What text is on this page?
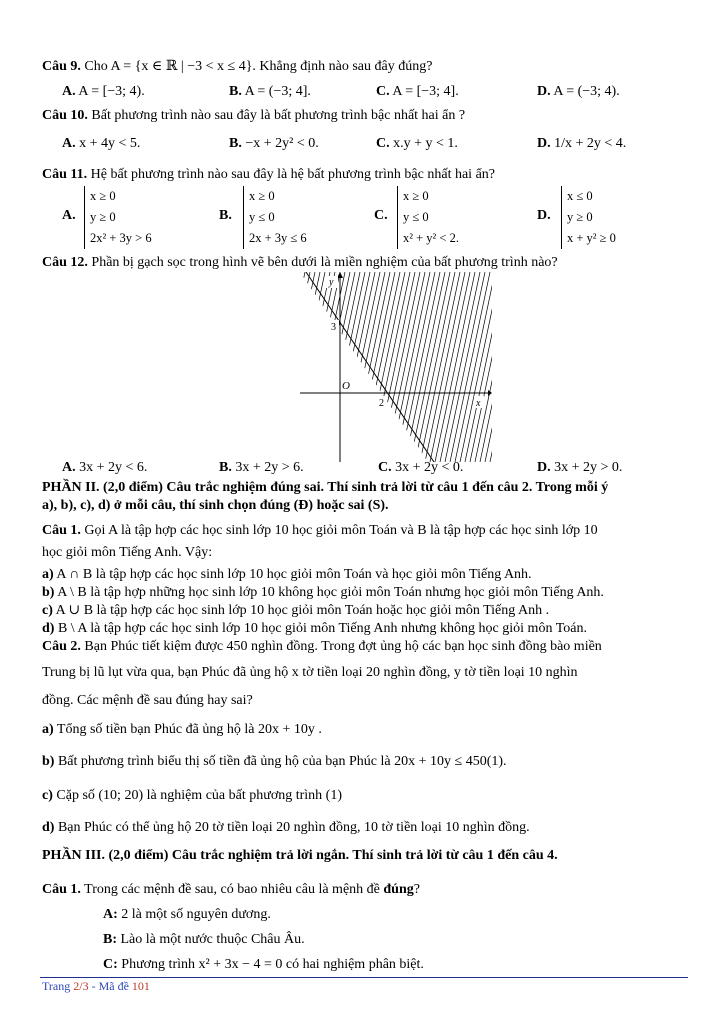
Câu 9. Cho A = {x ∈ ℝ | −3 < x ≤ 4}. Khẳng định nào sau đây đúng?
A. A = [−3; 4).	B. A = (−3; 4].	C. A = [−3; 4].	D. A = (−3; 4).
Câu 10. Bất phương trình nào sau đây là bất phương trình bậc nhất hai ẩn ?
A. x + 4y < 5.	B. −x + 2y² < 0.	C. x.y + y < 1.	D. 1/x + 2y < 4.
Câu 11. Hệ bất phương trình nào sau đây là hệ bất phương trình bậc nhất hai ẩn?
A.
x ≥ 0
y ≥ 0
2x² + 3y > 6
B.
x ≥ 0
y ≤ 0
2x + 3y ≤ 6
C.
x ≥ 0
y ≤ 0
x² + y² < 2.
D.
x ≤ 0
y ≥ 0
x + y² ≥ 0
Câu 12. Phần bị gạch sọc trong hình vẽ bên dưới là miền nghiệm của bất phương trình nào?
y
3
O
2	x
A. 3x + 2y < 6.	B. 3x + 2y > 6.	C. 3x + 2y < 0.	D. 3x + 2y > 0.
PHẦN II. (2,0 điểm) Câu trắc nghiệm đúng sai. Thí sinh trả lời từ câu 1 đến câu 2. Trong mỗi ý
a), b), c), d) ở mỗi câu, thí sinh chọn đúng (Đ) hoặc sai (S).
Câu 1. Gọi A là tập hợp các học sinh lớp 10 học giỏi môn Toán và B là tập hợp các học sinh lớp 10
học giỏi môn Tiếng Anh. Vậy:
a) A ∩ B là tập hợp các học sinh lớp 10 học giỏi môn Toán và học giỏi môn Tiếng Anh.
b) A \ B là tập hợp những học sinh lớp 10 không học giỏi môn Toán nhưng học giỏi môn Tiếng Anh.
c) A ∪ B là tập hợp các học sinh lớp 10 học giỏi môn Toán hoặc học giỏi môn Tiếng Anh .
d) B \ A là tập hợp các học sinh lớp 10 học giỏi môn Tiếng Anh nhưng không học giỏi môn Toán.
Câu 2. Bạn Phúc tiết kiệm được 450 nghìn đồng. Trong đợt ủng hộ các bạn học sinh đồng bào miền
Trung bị lũ lụt vừa qua, bạn Phúc đã ủng hộ x tờ tiền loại 20 nghìn đồng, y tờ tiền loại 10 nghìn
đồng. Các mệnh đề sau đúng hay sai?
a) Tổng số tiền bạn Phúc đã ủng hộ là 20x + 10y .
b) Bất phương trình biểu thị số tiền đã ủng hộ của bạn Phúc là 20x + 10y ≤ 450(1).
c) Cặp số (10; 20) là nghiệm của bất phương trình (1)
d) Bạn Phúc có thể ủng hộ 20 tờ tiền loại 20 nghìn đồng, 10 tờ tiền loại 10 nghìn đồng.
PHẦN III. (2,0 điểm) Câu trắc nghiệm trả lời ngắn. Thí sinh trả lời từ câu 1 đến câu 4.
Câu 1. Trong các mệnh đề sau, có bao nhiêu câu là mệnh đề đúng?
A: 2 là một số nguyên dương.
B: Lào là một nước thuộc Châu Âu.
C: Phương trình x² + 3x − 4 = 0 có hai nghiệm phân biệt.
Trang 2/3 - Mã đề 101
